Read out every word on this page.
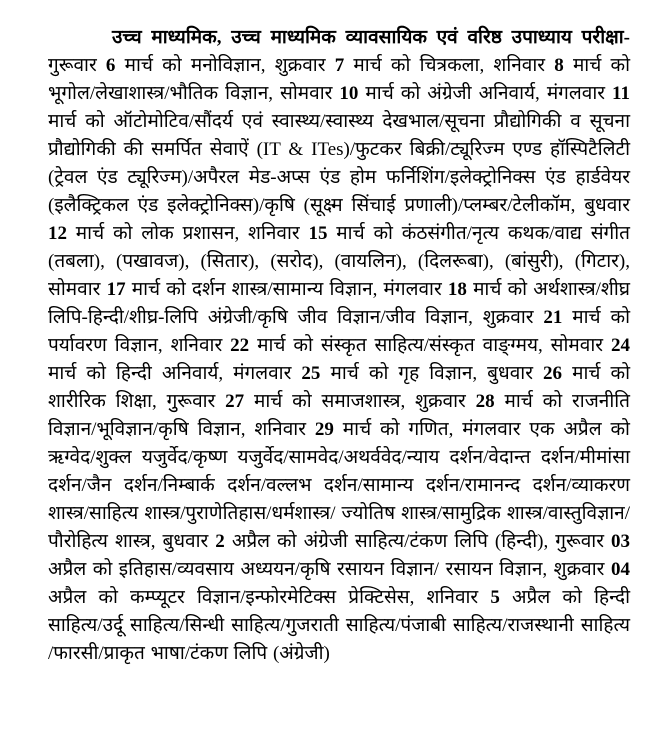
उच्च माध्यमिक, उच्च माध्यमिक व्यावसायिक एवं वरिष्ठ उपाध्याय परीक्षा- गुरूवार 6 मार्च को मनोविज्ञान, शुक्रवार 7 मार्च को चित्रकला, शनिवार 8 मार्च को भूगोल/लेखाशास्त्र/भौतिक विज्ञान, सोमवार 10 मार्च को अंग्रेजी अनिवार्य, मंगलवार 11 मार्च को ऑटोमोटिव/सौंदर्य एवं स्वास्थ्य/स्वास्थ्य देखभाल/सूचना प्रौद्योगिकी व सूचना प्रौद्योगिकी की समर्पित सेवाऐं (IT & ITes)/फुटकर बिक्री/ट्यूरिज्म एण्ड हॉस्पिटैलिटी (ट्रेवल एंड ट्यूरिज्म)/अपैरल मेड-अप्स एंड होम फर्निशिंग/इलेक्ट्रोनिक्स एंड हार्डवेयर (इलैक्ट्रिकल एंड इलेक्ट्रोनिक्स)/कृषि (सूक्ष्म सिंचाई प्रणाली)/प्लम्बर/टेलीकॉम, बुधवार 12 मार्च को लोक प्रशासन, शनिवार 15 मार्च को कंठसंगीत/नृत्य कथक/वाद्य संगीत (तबला), (पखावज), (सितार), (सरोद), (वायलिन), (दिलरूबा), (बांसुरी), (गिटार), सोमवार 17 मार्च को दर्शन शास्त्र/सामान्य विज्ञान, मंगलवार 18 मार्च को अर्थशास्त्र/शीघ्र लिपि-हिन्दी/शीघ्र-लिपि अंग्रेजी/कृषि जीव विज्ञान/जीव विज्ञान, शुक्रवार 21 मार्च को पर्यावरण विज्ञान, शनिवार 22 मार्च को संस्कृत साहित्य/संस्कृत वाङ्ग्मय, सोमवार 24 मार्च को हिन्दी अनिवार्य, मंगलवार 25 मार्च को गृह विज्ञान, बुधवार 26 मार्च को शारीरिक शिक्षा, गुुरूवार 27 मार्च को समाजशास्त्र, शुक्रवार 28 मार्च को राजनीति विज्ञान/भूविज्ञान/कृषि विज्ञान, शनिवार 29 मार्च को गणित, मंगलवार एक अप्रैल को ऋग्वेद/शुक्ल यजुर्वेद/कृष्ण यजुर्वेद/सामवेद/अथर्ववेद/न्याय दर्शन/वेदान्त दर्शन/मीमांसा दर्शन/जैन दर्शन/निम्बार्क दर्शन/वल्लभ दर्शन/सामान्य दर्शन/रामानन्द दर्शन/व्याकरण शास्त्र/साहित्य शास्त्र/पुराणेतिहास/धर्मशास्त्र/ ज्योतिष शास्त्र/सामुद्रिक शास्त्र/वास्तुविज्ञान/पौरोहित्य शास्त्र, बुधवार 2 अप्रैल को अंग्रेजी साहित्य/टंकण लिपि (हिन्दी), गुरूवार 03 अप्रैल को इतिहास/व्यवसाय अध्ययन/कृषि रसायन विज्ञान/ रसायन विज्ञान, शुक्रवार 04 अप्रैल को कम्प्यूटर विज्ञान/इन्फोरमेटिक्स प्रेक्टिसेस, शनिवार 5 अप्रैल को हिन्दी साहित्य/उर्दू साहित्य/सिन्धी साहित्य/गुजराती साहित्य/पंजाबी साहित्य/राजस्थानी साहित्य /फारसी/प्राकृत भाषा/टंकण लिपि (अंग्रेजी)
